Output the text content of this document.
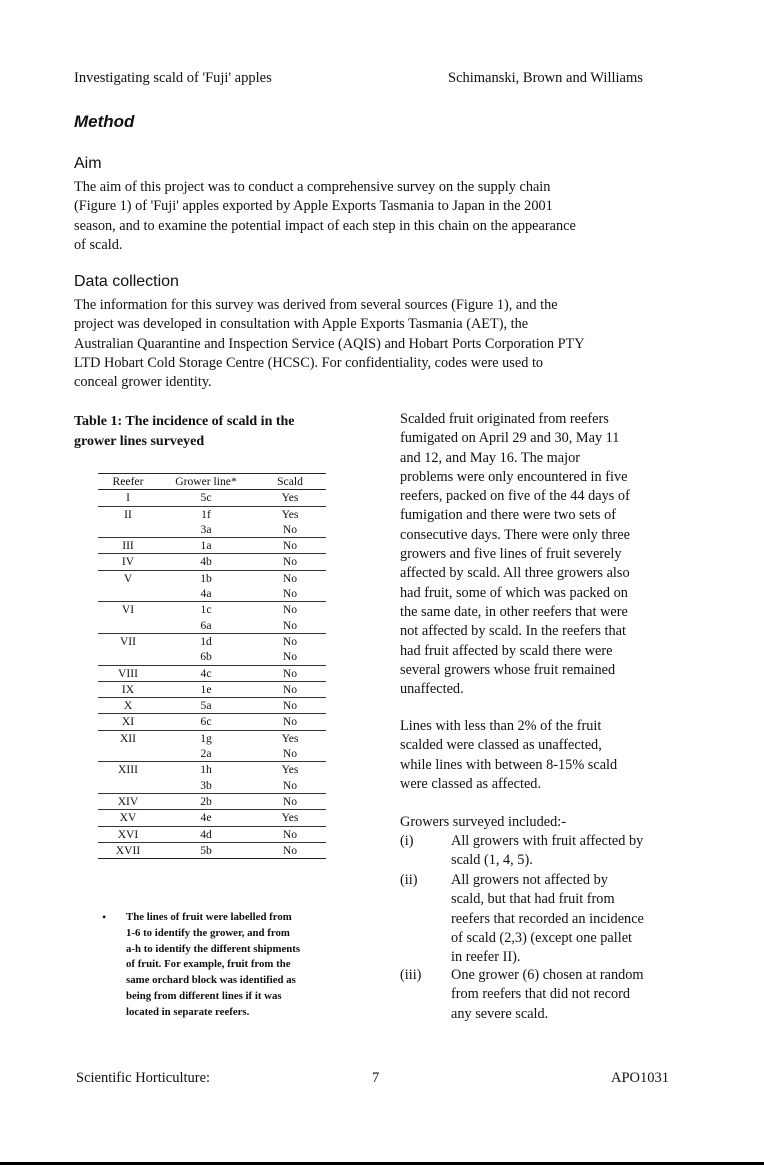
Investigating scald of 'Fuji' apples	Schimanski, Brown and Williams
Method
Aim
The aim of this project was to conduct a comprehensive survey on the supply chain
(Figure 1) of 'Fuji' apples exported by Apple Exports Tasmania to Japan in the 2001
season, and to examine the potential impact of each step in this chain on the appearance
of scald.
Data collection
The information for this survey was derived from several sources (Figure 1), and the
project was developed in consultation with Apple Exports Tasmania (AET), the
Australian Quarantine and Inspection Service (AQIS) and Hobart Ports Corporation PTY
LTD Hobart Cold Storage Centre (HCSC). For confidentiality, codes were used to
conceal grower identity.
Table 1: The incidence of scald in the
grower lines surveyed
Reefer	Grower line*	Scald
I	5c	Yes
II	1f	Yes
	3a	No
III	1a	No
IV	4b	No
V	1b	No
	4a	No
VI	1c	No
	6a	No
VII	1d	No
	6b	No
VIII	4c	No
IX	1e	No
X	5a	No
XI	6c	No
XII	1g	Yes
	2a	No
XIII	1h	Yes
	3b	No
XIV	2b	No
XV	4e	Yes
XVI	4d	No
XVII	5b	No
• The lines of fruit were labelled from
1-6 to identify the grower, and from
a-h to identify the different shipments
of fruit. For example, fruit from the
same orchard block was identified as
being from different lines if it was
located in separate reefers.
Scalded fruit originated from reefers
fumigated on April 29 and 30, May 11
and 12, and May 16. The major
problems were only encountered in five
reefers, packed on five of the 44 days of
fumigation and there were two sets of
consecutive days. There were only three
growers and five lines of fruit severely
affected by scald. All three growers also
had fruit, some of which was packed on
the same date, in other reefers that were
not affected by scald. In the reefers that
had fruit affected by scald there were
several growers whose fruit remained
unaffected.
Lines with less than 2% of the fruit
scalded were classed as unaffected,
while lines with between 8-15% scald
were classed as affected.
Growers surveyed included:-
(i)	All growers with fruit affected by
scald (1, 4, 5).
(ii) All growers not affected by
scald, but that had fruit from
reefers that recorded an incidence
of scald (2,3) (except one pallet
in reefer II).
(iii) One grower (6) chosen at random
from reefers that did not record
any severe scald.
Scientific Horticulture:	7	APO1031
